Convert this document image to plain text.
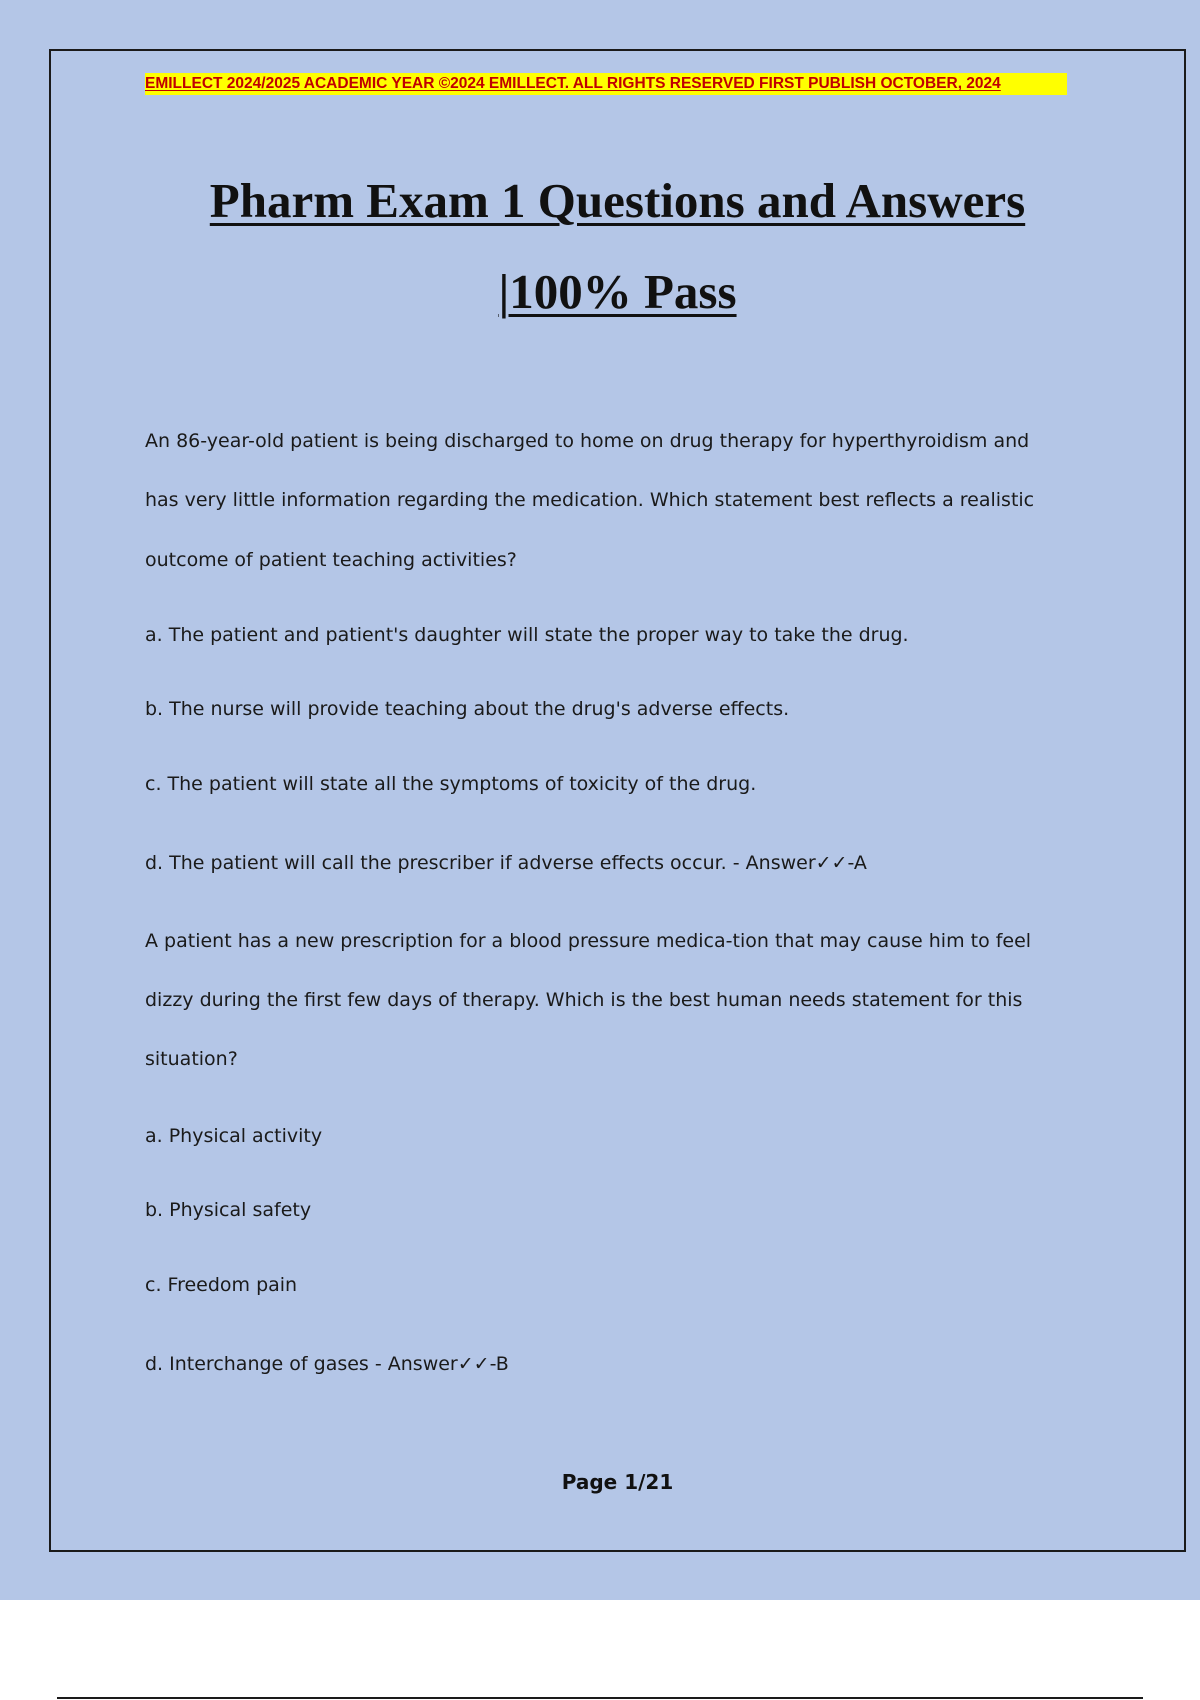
EMILLECT 2024/2025 ACADEMIC YEAR ©2024 EMILLECT. ALL RIGHTS RESERVED FIRST PUBLISH OCTOBER, 2024
Pharm Exam 1 Questions and Answers
|100% Pass
An 86-year-old patient is being discharged to home on drug therapy for hyperthyroidism and
has very little information regarding the medication. Which statement best reflects a realistic
outcome of patient teaching activities?
a. The patient and patient's daughter will state the proper way to take the drug.
b. The nurse will provide teaching about the drug's adverse effects.
c. The patient will state all the symptoms of toxicity of the drug.
d. The patient will call the prescriber if adverse effects occur. - Answer✓✓-A
A patient has a new prescription for a blood pressure medica-tion that may cause him to feel
dizzy during the first few days of therapy. Which is the best human needs statement for this
situation?
a. Physical activity
b. Physical safety
c. Freedom pain
d. Interchange of gases - Answer✓✓-B
Page 1/21
